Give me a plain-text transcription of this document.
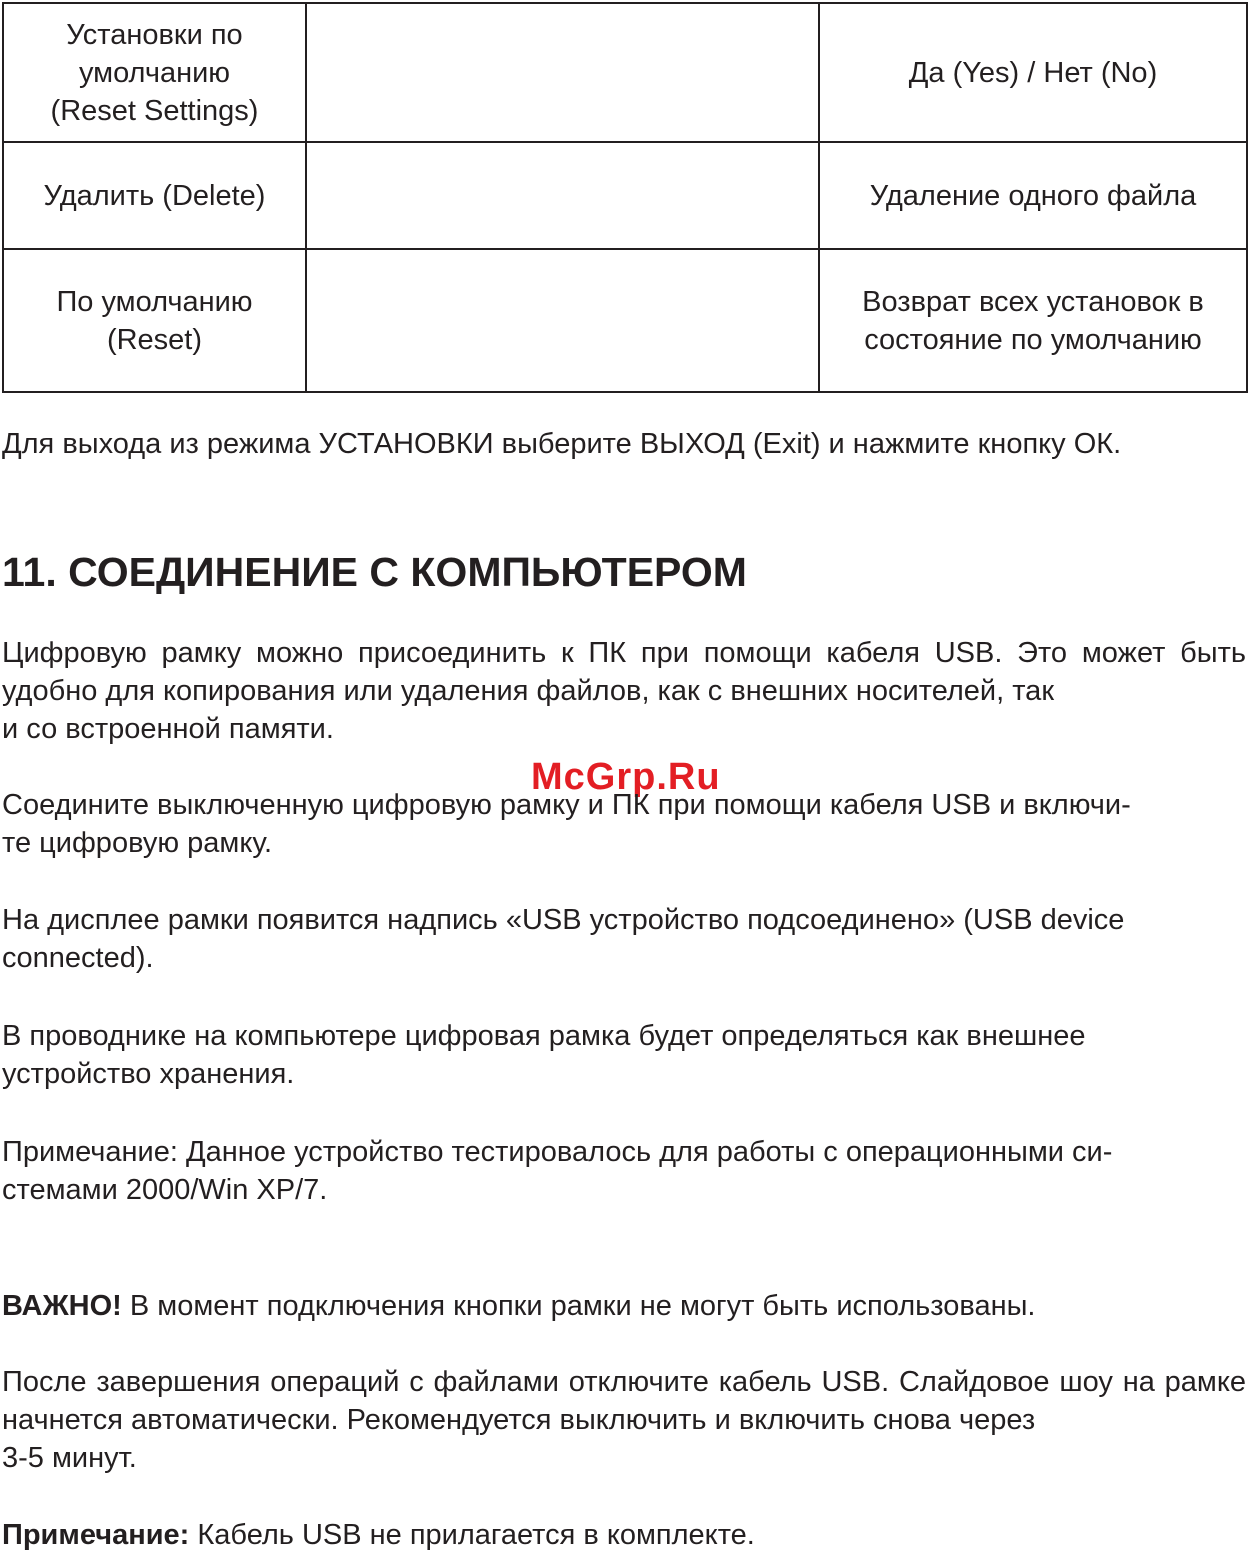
Установки по
умолчанию
(Reset Settings)		Да (Yes) / Нет (No)
Удалить (Delete)		Удаление одного файла
По умолчанию
(Reset)		Возврат всех установок в
состояние по умолчанию
Для выхода из режима УСТАНОВКИ выберите ВЫХОД (Exit) и нажмите кнопку ОК.
11. СОЕДИНЕНИЕ С КОМПЬЮТЕРОМ

Цифровую рамку можно присоединить к ПК при помощи кабеля USB. Это может быть удобно для копирования или удаления файлов, как с внешних носителей, так
и со встроенной памяти.

McGrp.Ru

Соедините выключенную цифровую рамку и ПК при помощи кабеля USB и включи-
те цифровую рамку.

На дисплее рамки появится надпись «USB устройство подсоединено» (USB device
connected).

В проводнике на компьютере цифровая рамка будет определяться как внешнее
устройство хранения.

Примечание: Данное устройство тестировалось для работы с операционными си-
стемами 2000/Win XP/7.

ВАЖНО! В момент подключения кнопки рамки не могут быть использованы.

После завершения операций с файлами отключите кабель USB. Слайдовое шоу на рамке начнется автоматически. Рекомендуется выключить и включить снова через
3-5 минут.

Примечание: Кабель USB не прилагается в комплекте.
